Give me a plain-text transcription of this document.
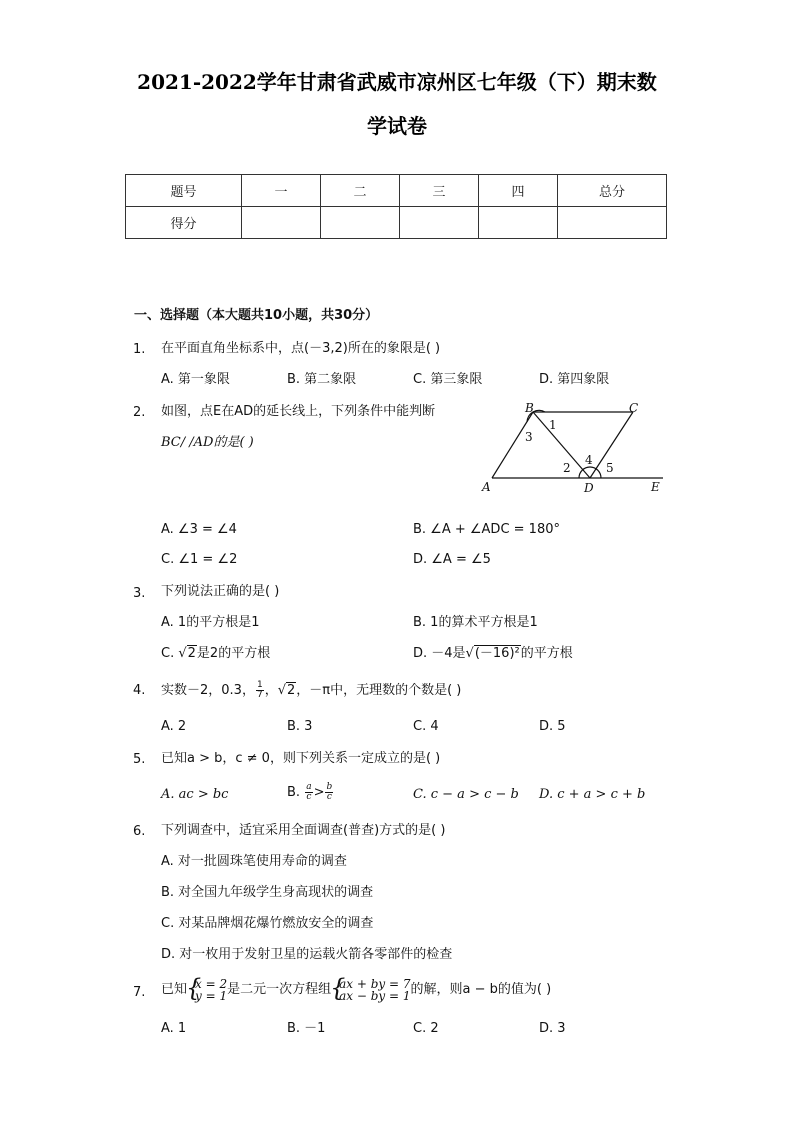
2021-2022学年甘肃省武威市凉州区七年级（下）期末数
学试卷
题号	一	二	三	四	总分
得分					
一、选择题（本大题共10小题，共30分）
1. 在平面直角坐标系中，点(－3,2)所在的象限是( )
A. 第一象限	B. 第二象限	C. 第三象限	D. 第四象限
2. 如图，点E在AD的延长线上，下列条件中能判断
BC/ /AD的是( )
B	C
A	D	E
1
2
3
4
5
A. ∠3 = ∠4	B. ∠A + ∠ADC = 180°
C. ∠1 = ∠2	D. ∠A = ∠5
3. 下列说法正确的是( )
A. 1的平方根是1	B. 1的算术平方根是1
C. √2是2的平方根	D. －4是√(－16)²的平方根
4. 实数－2，0.3， $\frac{1}{7}$ ，√2，－π中，无理数的个数是( )
A. 2	B. 3	C. 4	D. 5
5. 已知a > b，c ≠ 0，则下列关系一定成立的是( )
A. ac > bc	B. $\frac{a}{c} > \frac{b}{c}$	C. c − a > c − b D. c + a > c + b
6. 下列调查中，适宜采用全面调查(普查)方式的是( )
A. 对一批圆珠笔使用寿命的调查
B. 对全国九年级学生身高现状的调查
C. 对某品牌烟花爆竹燃放安全的调查
D. 对一枚用于发射卫星的运载火箭各零部件的检查
7. 已知 {
x = 2
y = 1 是二元一次方程组 {
ax + by = 7
ax − by = 1 的解，则a − b的值为( )
A. 1	B. －1	C. 2	D. 3
